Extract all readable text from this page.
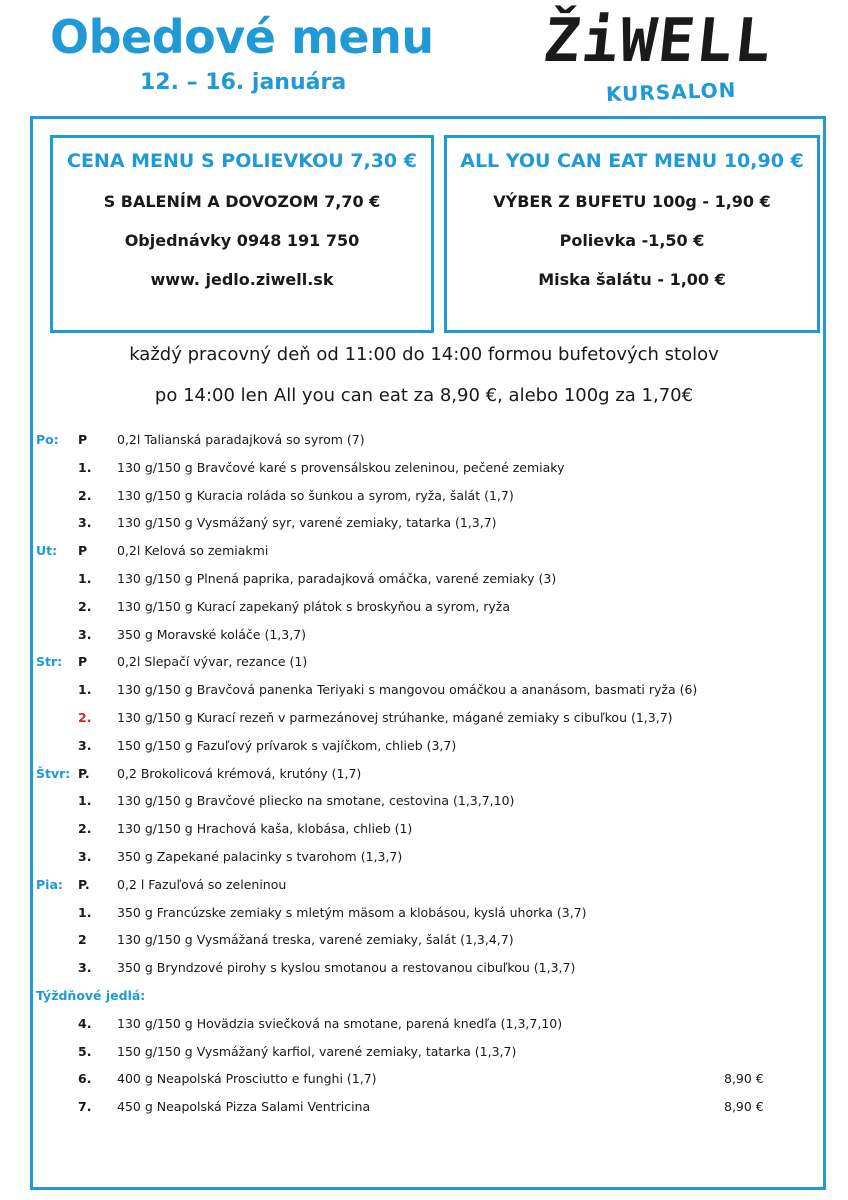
Obedové menu
12. – 16. januára
ŽiWELL
KURSALON
CENA MENU S POLIEVKOU 7,30 €
S BALENÍM A DOVOZOM 7,70 €
Objednávky 0948 191 750
www. jedlo.ziwell.sk
ALL YOU CAN EAT MENU 10,90 €
VÝBER Z BUFETU 100g - 1,90 €
Polievka -1,50 €
Miska šalátu - 1,00 €
každý pracovný deň od 11:00 do 14:00 formou bufetových stolov
po 14:00 len All you can eat za 8,90 €, alebo 100g za 1,70€
Po: P 0,2l Talianská paradajková so syrom (7)
1. 130 g/150 g Bravčové karé s provensálskou zeleninou, pečené zemiaky
2. 130 g/150 g Kuracia roláda so šunkou a syrom, ryža, šalát (1,7)
3. 130 g/150 g Vysmážaný syr, varené zemiaky, tatarka (1,3,7)
Ut: P 0,2l Kelová so zemiakmi
1. 130 g/150 g Plnená paprika, paradajková omáčka, varené zemiaky (3)
2. 130 g/150 g Kurací zapekaný plátok s broskyňou a syrom, ryža
3. 350 g Moravské koláče (1,3,7)
Str: P 0,2l Slepačí vývar, rezance (1)
1. 130 g/150 g Bravčová panenka Teriyaki s mangovou omáčkou a ananásom, basmati ryža (6)
2. 130 g/150 g Kurací rezeň v parmezánovej strúhanke, mágané zemiaky s cibuľkou (1,3,7)
3. 150 g/150 g Fazuľový prívarok s vajíčkom, chlieb (3,7)
Štvr: P. 0,2 Brokolicová krémová, krutóny (1,7)
1. 130 g/150 g Bravčové pliecko na smotane, cestovina (1,3,7,10)
2. 130 g/150 g Hrachová kaša, klobása, chlieb (1)
3. 350 g Zapekané palacinky s tvarohom (1,3,7)
Pia: P. 0,2 l Fazuľová so zeleninou
1. 350 g Francúzske zemiaky s mletým mäsom a klobásou, kyslá uhorka (3,7)
2 130 g/150 g Vysmážaná treska, varené zemiaky, šalát (1,3,4,7)
3. 350 g Bryndzové pirohy s kyslou smotanou a restovanou cibuľkou (1,3,7)
Týždňové jedlá:
4. 130 g/150 g Hovädzia sviečková na smotane, parená knedľa (1,3,7,10)
5. 150 g/150 g Vysmážaný karfiol, varené zemiaky, tatarka (1,3,7)
6. 400 g Neapolská Prosciutto e funghi (1,7)	8,90 €
7. 450 g Neapolská Pizza Salami Ventricina	8,90 €
